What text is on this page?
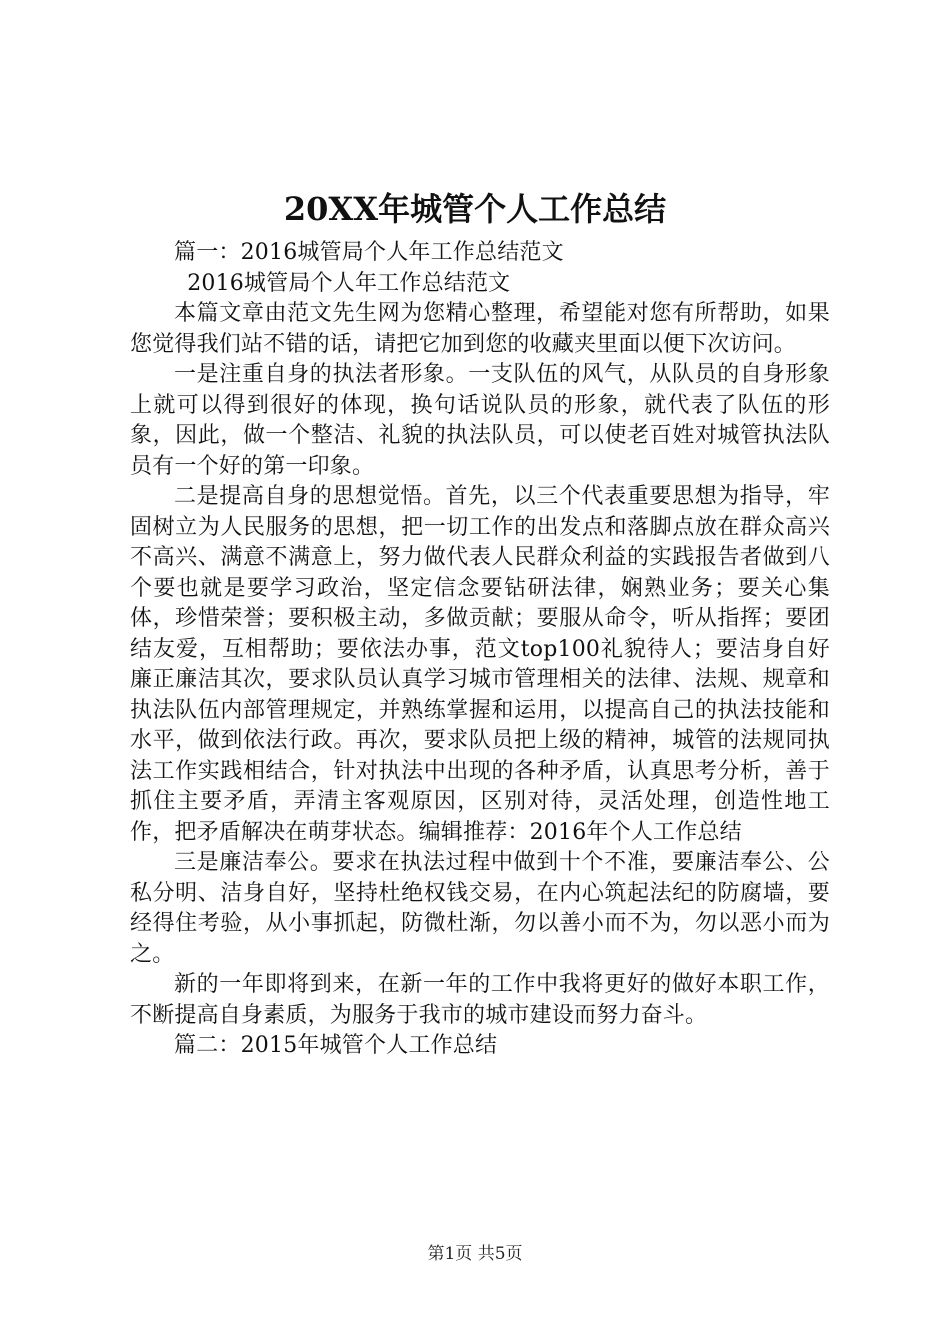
20XX年城管个人工作总结

篇一：2016城管局个人年工作总结范文

2016城管局个人年工作总结范文

本篇文章由范文先生网为您精心整理，希望能对您有所帮助，如果您觉得我们站不错的话，请把它加到您的收藏夹里面以便下次访问。

一是注重自身的执法者形象。一支队伍的风气，从队员的自身形象上就可以得到很好的体现，换句话说队员的形象，就代表了队伍的形象，因此，做一个整洁、礼貌的执法队员，可以使老百姓对城管执法队员有一个好的第一印象。

二是提高自身的思想觉悟。首先，以三个代表重要思想为指导，牢固树立为人民服务的思想，把一切工作的出发点和落脚点放在群众高兴不高兴、满意不满意上，努力做代表人民群众利益的实践报告者做到八个要也就是要学习政治，坚定信念要钻研法律，娴熟业务；要关心集体，珍惜荣誉；要积极主动，多做贡献；要服从命令，听从指挥；要团结友爱，互相帮助；要依法办事，范文top100礼貌待人；要洁身自好廉正廉洁其次，要求队员认真学习城市管理相关的法律、法规、规章和执法队伍内部管理规定，并熟练掌握和运用，以提高自己的执法技能和水平，做到依法行政。再次，要求队员把上级的精神，城管的法规同执法工作实践相结合，针对执法中出现的各种矛盾，认真思考分析，善于抓住主要矛盾，弄清主客观原因，区别对待，灵活处理，创造性地工作，把矛盾解决在萌芽状态。编辑推荐：2016年个人工作总结

三是廉洁奉公。要求在执法过程中做到十个不准，要廉洁奉公、公私分明、洁身自好，坚持杜绝权钱交易，在内心筑起法纪的防腐墙，要经得住考验，从小事抓起，防微杜渐，勿以善小而不为，勿以恶小而为之。

新的一年即将到来，在新一年的工作中我将更好的做好本职工作，不断提高自身素质，为服务于我市的城市建设而努力奋斗。

篇二：2015年城管个人工作总结

第1页 共5页
